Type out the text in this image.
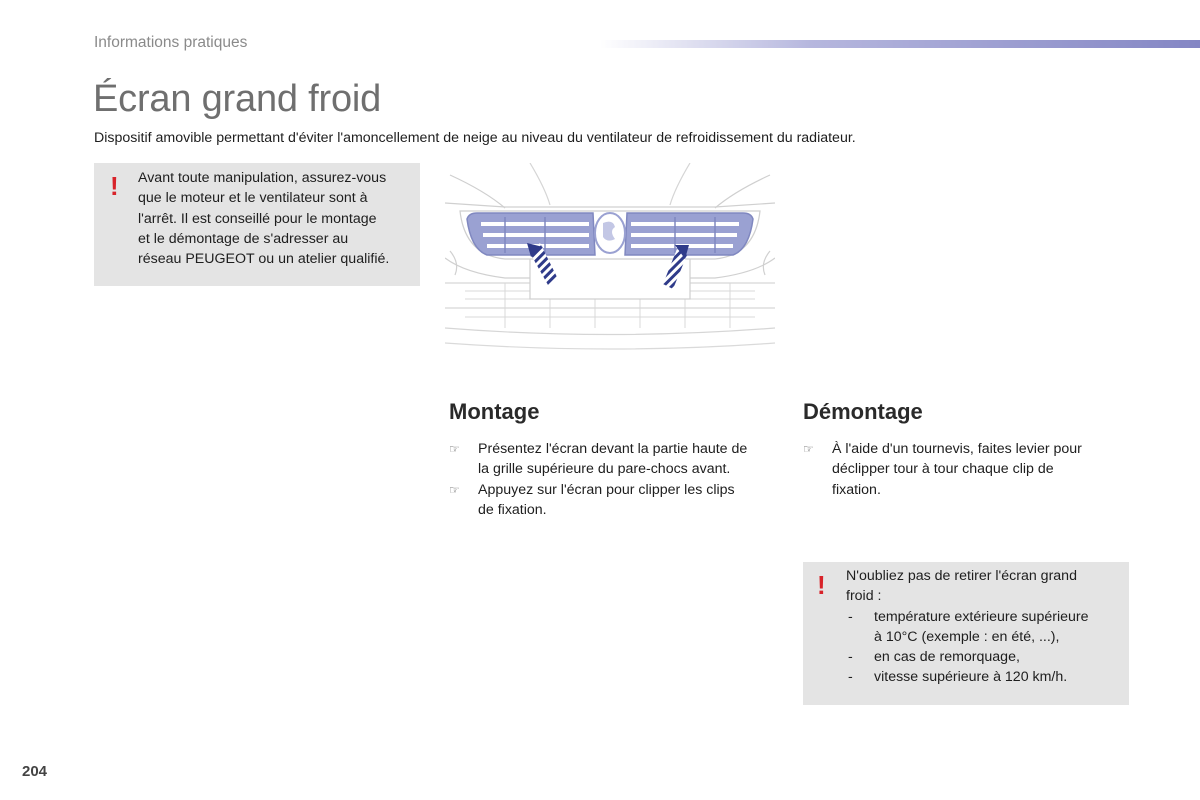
Informations pratiques
Écran grand froid
Dispositif amovible permettant d'éviter l'amoncellement de neige au niveau du ventilateur de refroidissement du radiateur.
! Avant toute manipulation, assurez-vous
que le moteur et le ventilateur sont à
l'arrêt. Il est conseillé pour le montage
et le démontage de s'adresser au
réseau PEUGEOT ou un atelier qualifié.
Montage
☞ Présentez l'écran devant la partie haute de
la grille supérieure du pare-chocs avant.
☞ Appuyez sur l'écran pour clipper les clips
de fixation.
Démontage
☞ À l'aide d'un tournevis, faites levier pour
déclipper tour à tour chaque clip de
fixation.
! N'oubliez pas de retirer l'écran grand
froid :
- température extérieure supérieure
à 10°C (exemple : en été, ...),
- en cas de remorquage,
- vitesse supérieure à 120 km/h.
204
